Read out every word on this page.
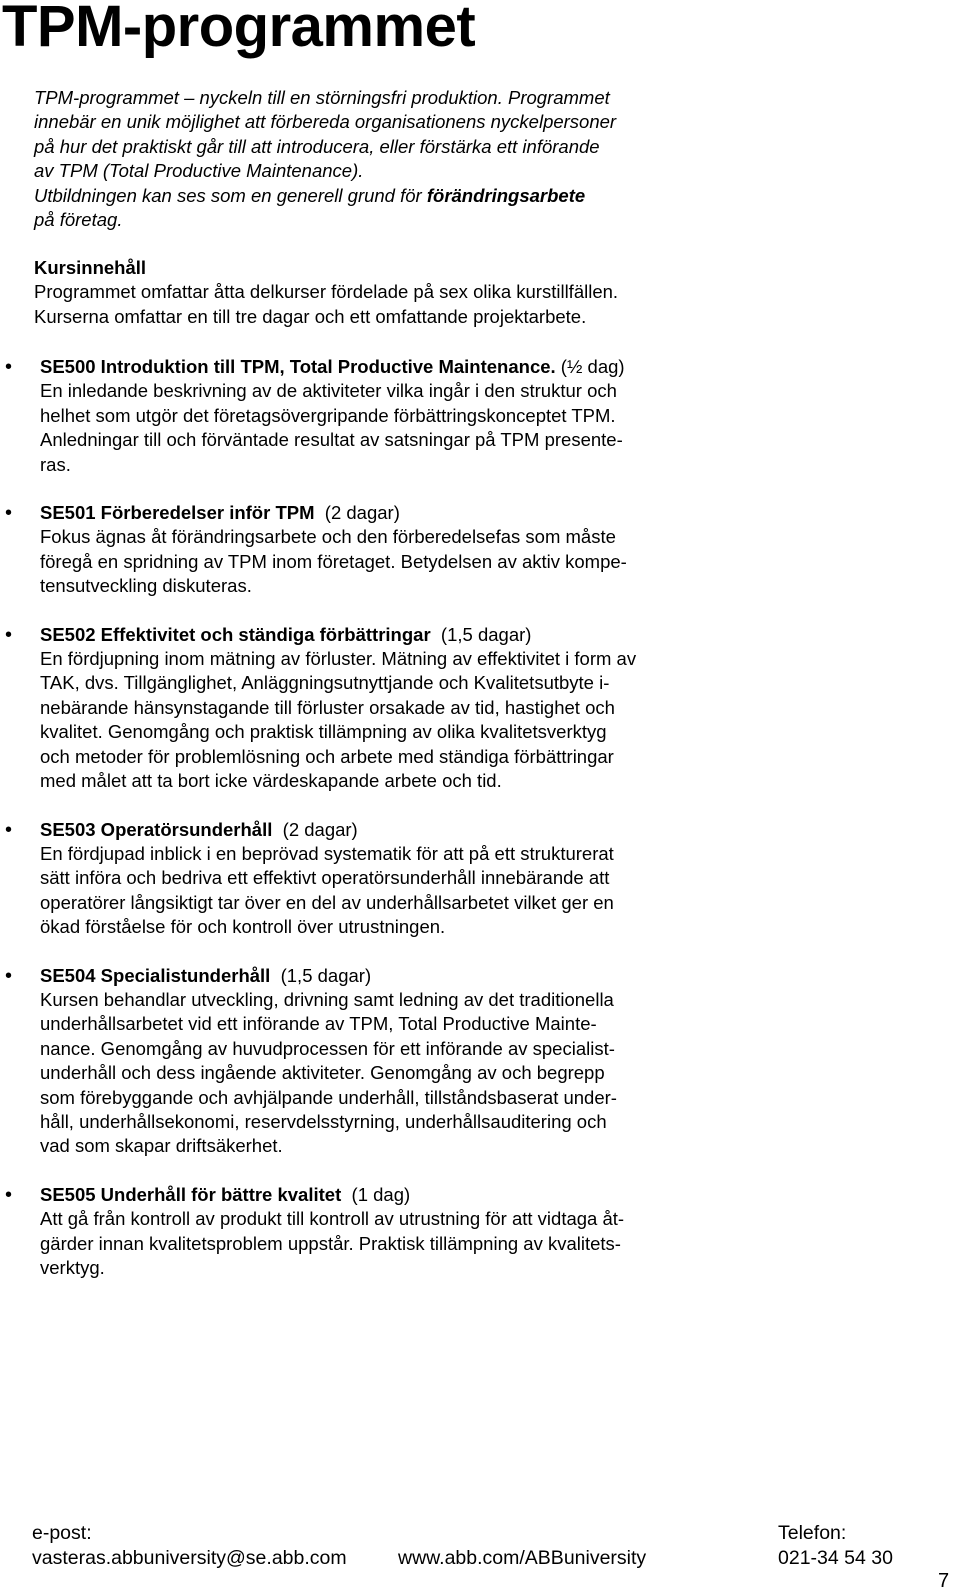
TPM-programmet
TPM-programmet – nyckeln till en störningsfri produktion. Programmet
innebär en unik möjlighet att förbereda organisationens nyckelpersoner
på hur det praktiskt går till att introducera, eller förstärka ett införande
av TPM (Total Productive Maintenance).
Utbildningen kan ses som en generell grund för förändringsarbete
på företag.
Kursinnehåll
Programmet omfattar åtta delkurser fördelade på sex olika kurstillfällen.
Kurserna omfattar en till tre dagar och ett omfattande projektarbete.
• SE500 Introduktion till TPM, Total Productive Maintenance. (½ dag)
En inledande beskrivning av de aktiviteter vilka ingår i den struktur och
helhet som utgör det företagsövergripande förbättringskonceptet TPM.
Anledningar till och förväntade resultat av satsningar på TPM presente-
ras.
• SE501 Förberedelser inför TPM  (2 dagar)
Fokus ägnas åt förändringsarbete och den förberedelsefas som måste
föregå en spridning av TPM inom företaget. Betydelsen av aktiv kompe-
tensutveckling diskuteras.
• SE502 Effektivitet och ständiga förbättringar  (1,5 dagar)
En fördjupning inom mätning av förluster. Mätning av effektivitet i form av
TAK, dvs. Tillgänglighet, Anläggningsutnyttjande och Kvalitetsutbyte i-
nebärande hänsynstagande till förluster orsakade av tid, hastighet och
kvalitet. Genomgång och praktisk tillämpning av olika kvalitetsverktyg
och metoder för problemlösning och arbete med ständiga förbättringar
med målet att ta bort icke värdeskapande arbete och tid.
• SE503 Operatörsunderhåll  (2 dagar)
En fördjupad inblick i en beprövad systematik för att på ett strukturerat
sätt införa och bedriva ett effektivt operatörsunderhåll innebärande att
operatörer långsiktigt tar över en del av underhållsarbetet vilket ger en
ökad förståelse för och kontroll över utrustningen.
• SE504 Specialistunderhåll  (1,5 dagar)
Kursen behandlar utveckling, drivning samt ledning av det traditionella
underhållsarbetet vid ett införande av TPM, Total Productive Mainte-
nance. Genomgång av huvudprocessen för ett införande av specialist-
underhåll och dess ingående aktiviteter. Genomgång av och begrepp
som förebyggande och avhjälpande underhåll, tillståndsbaserat under-
håll, underhållsekonomi, reservdelsstyrning, underhållsauditering och
vad som skapar driftsäkerhet.
• SE505 Underhåll för bättre kvalitet  (1 dag)
Att gå från kontroll av produkt till kontroll av utrustning för att vidtaga åt-
gärder innan kvalitetsproblem uppstår. Praktisk tillämpning av kvalitets-
verktyg.
e-post:
vasteras.abbuniversity@se.abb.com	www.abb.com/ABBuniversity
Telefon:
021-34 54 30
7
